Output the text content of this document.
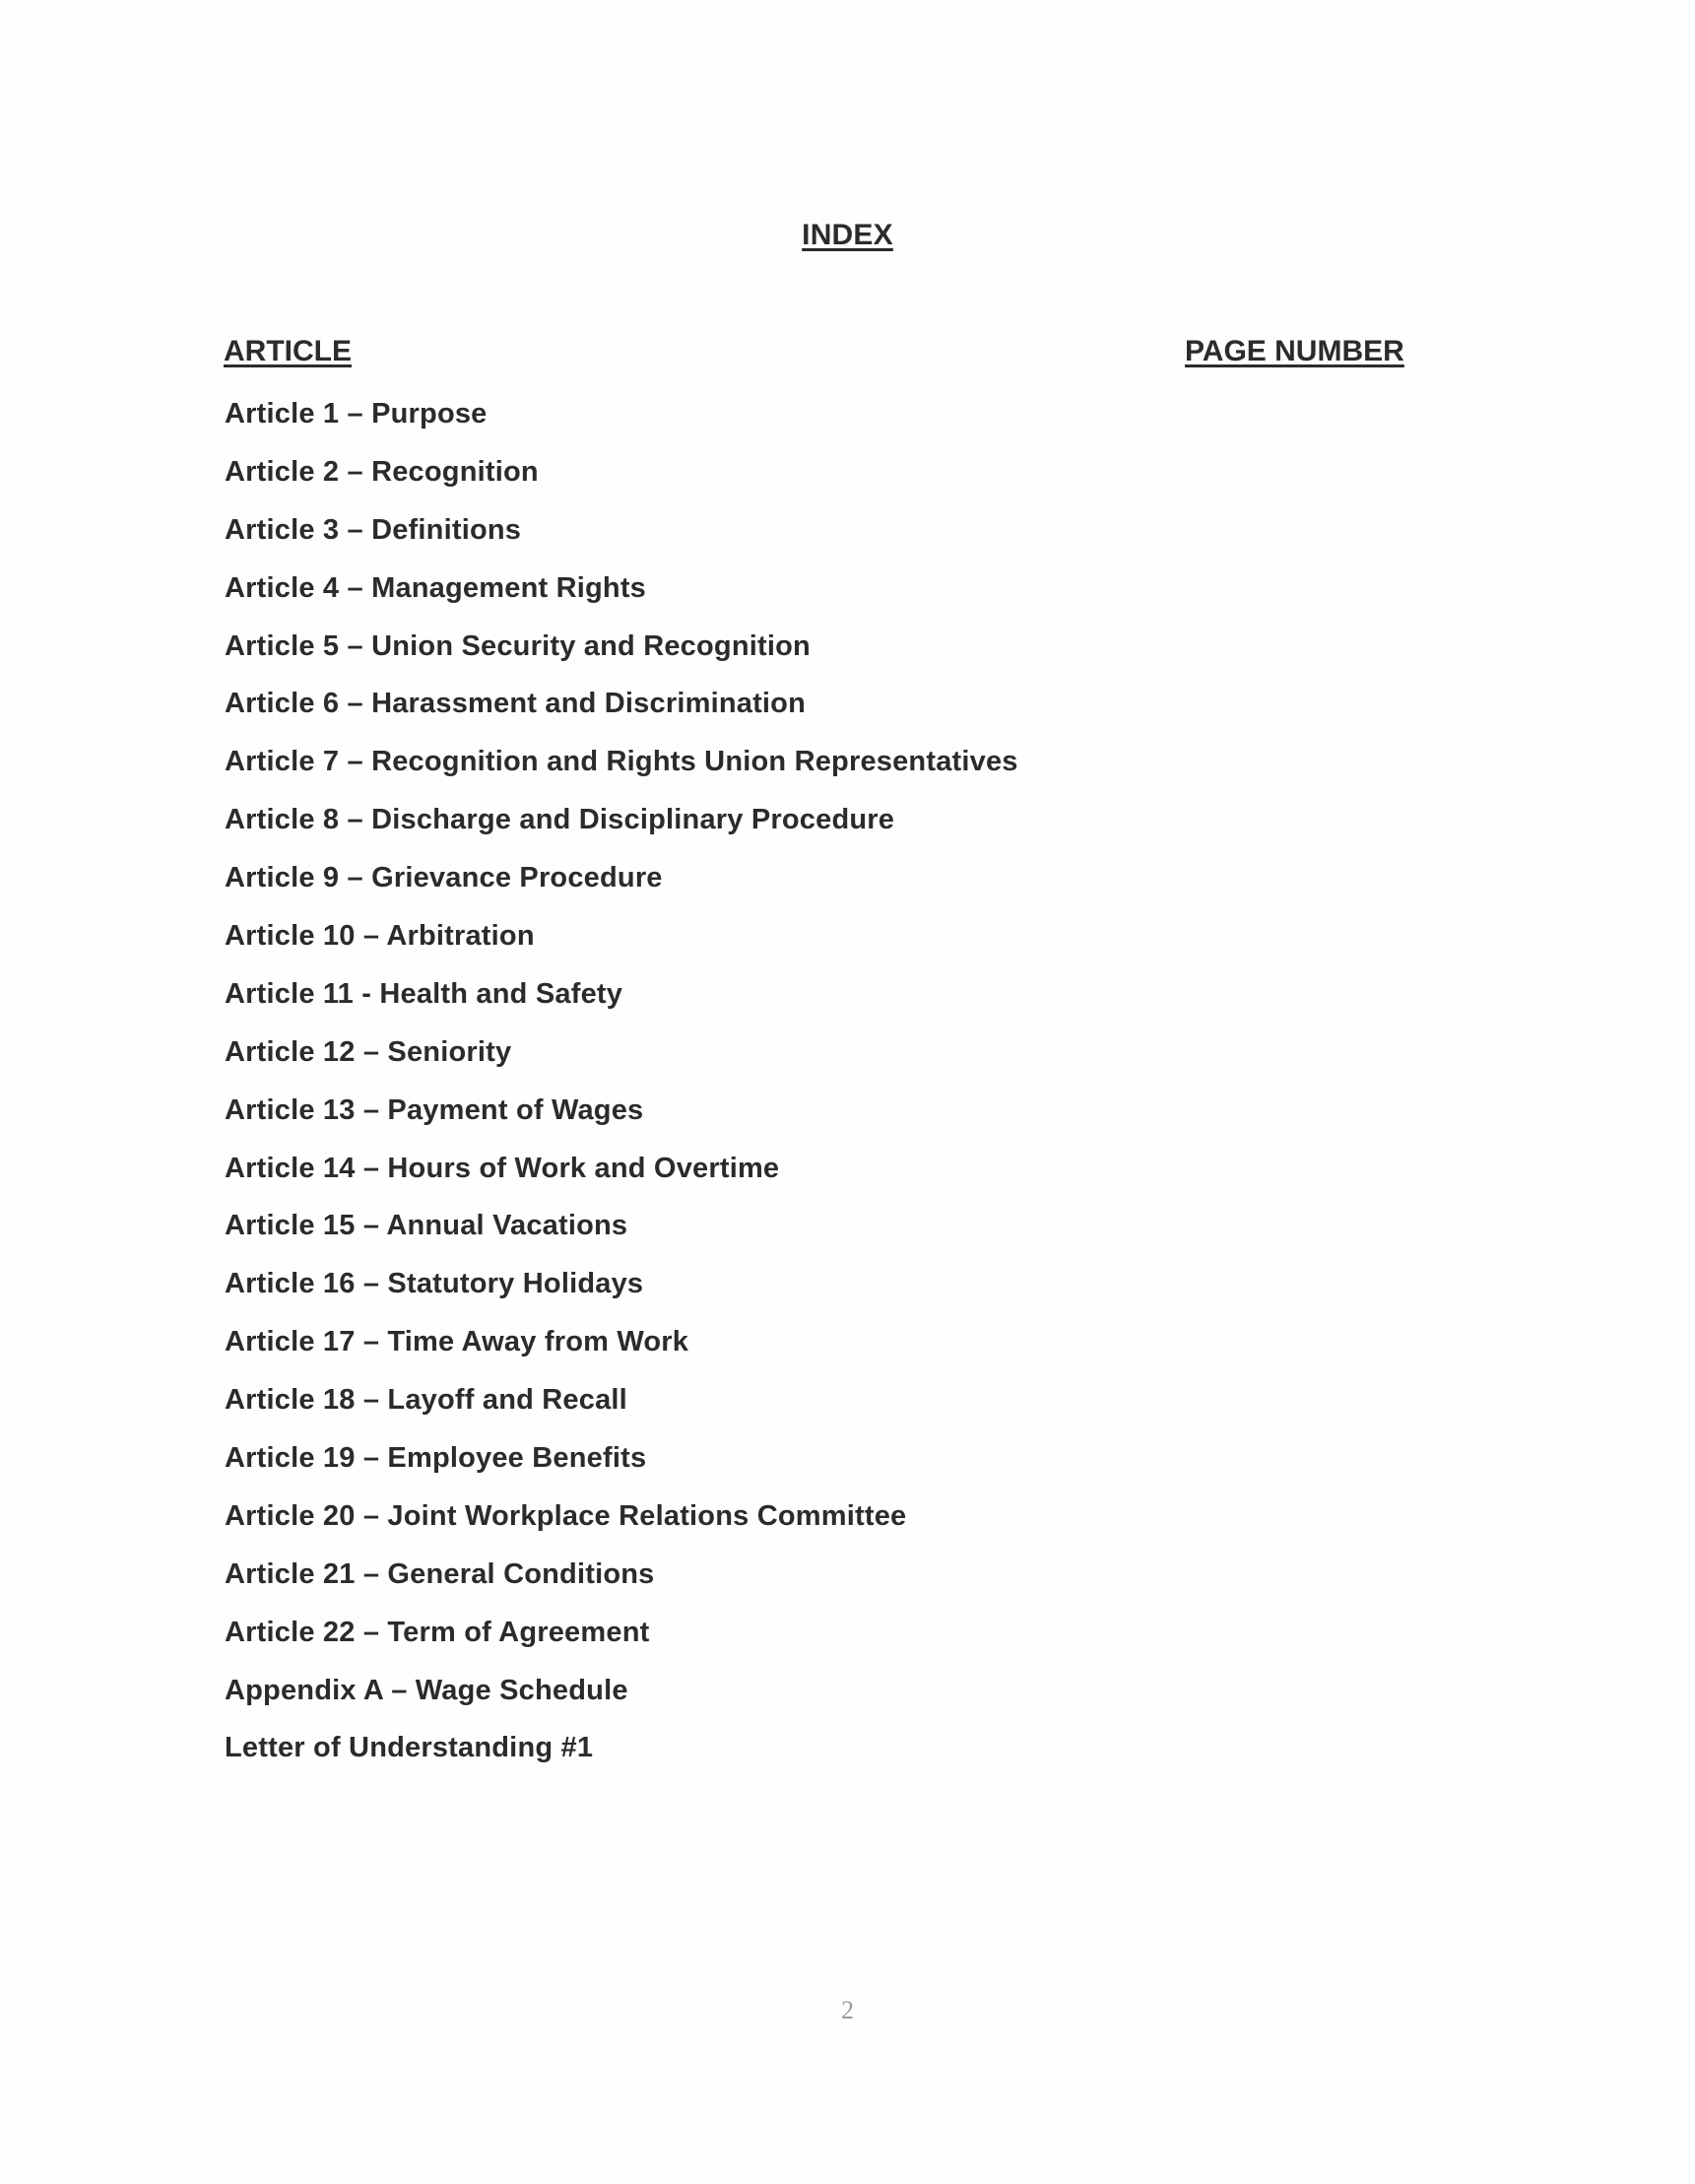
INDEX
ARTICLE	PAGE NUMBER
Article 1 – Purpose
Article 2 – Recognition
Article 3 – Definitions
Article 4 – Management Rights
Article 5 – Union Security and Recognition
Article 6 – Harassment and Discrimination
Article 7 – Recognition and Rights Union Representatives
Article 8 – Discharge and Disciplinary Procedure
Article 9 – Grievance Procedure
Article 10 – Arbitration
Article 11 - Health and Safety
Article 12 – Seniority
Article 13 – Payment of Wages
Article 14 – Hours of Work and Overtime
Article 15 – Annual Vacations
Article 16 – Statutory Holidays
Article 17 – Time Away from Work
Article 18 – Layoff and Recall
Article 19 – Employee Benefits
Article 20 – Joint Workplace Relations Committee
Article 21 – General Conditions
Article 22 – Term of Agreement
Appendix A – Wage Schedule
Letter of Understanding #1
2
